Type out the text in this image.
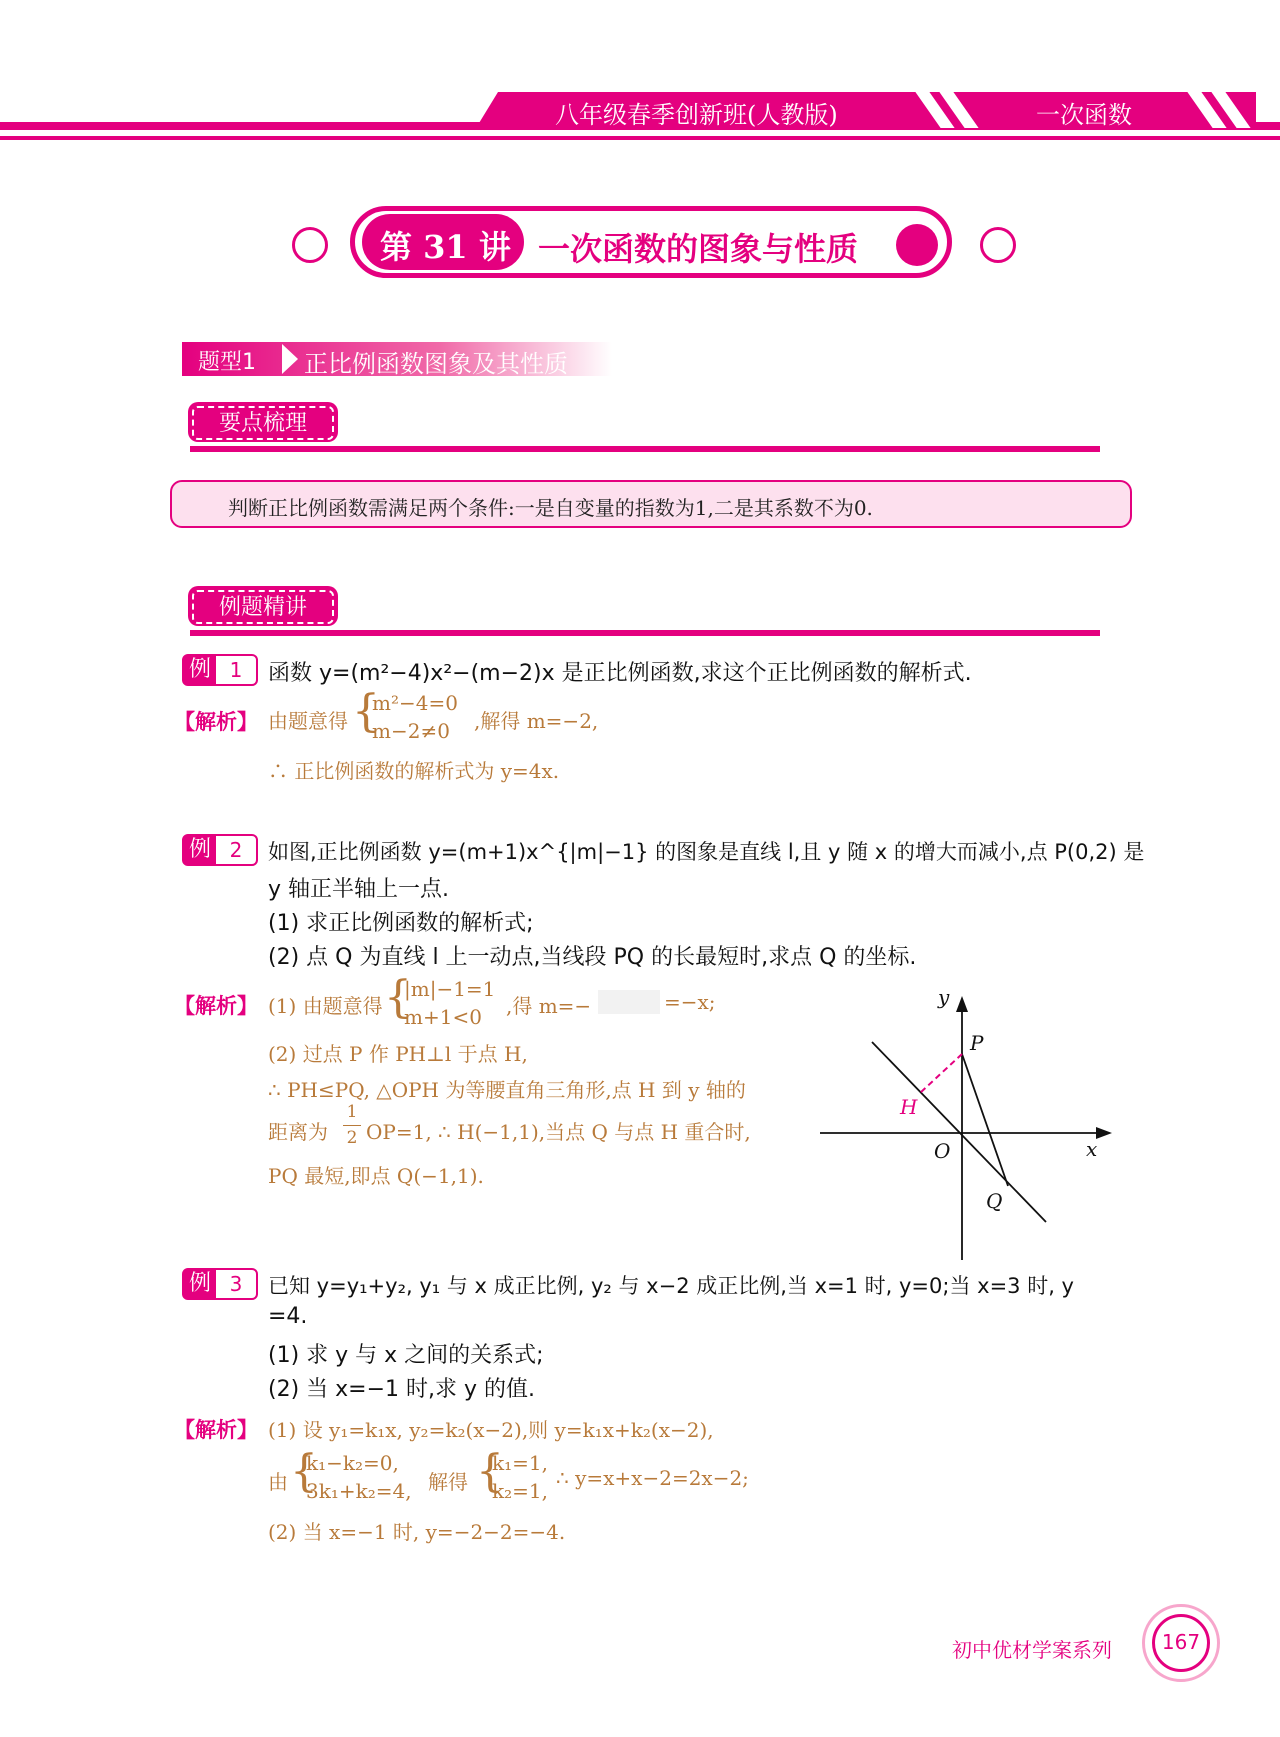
八年级春季创新班(人教版)	一次函数
第 31 讲 一次函数的图象与性质
题型1 正比例函数图象及其性质
要点梳理
判断正比例函数需满足两个条件:一是自变量的指数为1,二是其系数不为0.
例题精讲
例 1	函数 y=(m²−4)x²−(m−2)x 是正比例函数,求这个正比例函数的解析式.
【解析】 由题意得 {
m²−4=0
m−2≠0 ,解得 m=−2,
∴ 正比例函数的解析式为 y=4x.
例 2	如图,正比例函数 y=(m+1)x^{|m|−1} 的图象是直线 l,且 y 随 x 的增大而减小,点 P(0,2) 是
y 轴正半轴上一点.
(1) 求正比例函数的解析式;
(2) 点 Q 为直线 l 上一动点,当线段 PQ 的长最短时,求点 Q 的坐标.
【解析】 (1) 由题意得 {
|m|−1=1
m+1<0 ,得 m=−	=−x;
(2) 过点 P 作 PH⊥l 于点 H,
∴ PH≤PQ, △OPH 为等腰直角三角形,点 H 到 y 轴的
距离为
1
2 OP=1, ∴ H(−1,1),当点 Q 与点 H 重合时,
PQ 最短,即点 Q(−1,1).
y
x
O
P
H
Q
例 3	已知 y=y₁+y₂, y₁ 与 x 成正比例, y₂ 与 x−2 成正比例,当 x=1 时, y=0;当 x=3 时, y
=4.
(1) 求 y 与 x 之间的关系式;
(2) 当 x=−1 时,求 y 的值.
【解析】 (1) 设 y₁=k₁x, y₂=k₂(x−2),则 y=k₁x+k₂(x−2),
由 {
k₁−k₂=0,
3k₁+k₂=4, 解得 {
k₁=1,
k₂=1,
∴ y=x+x−2=2x−2;
(2) 当 x=−1 时, y=−2−2=−4.
初中优材学案系列	167
